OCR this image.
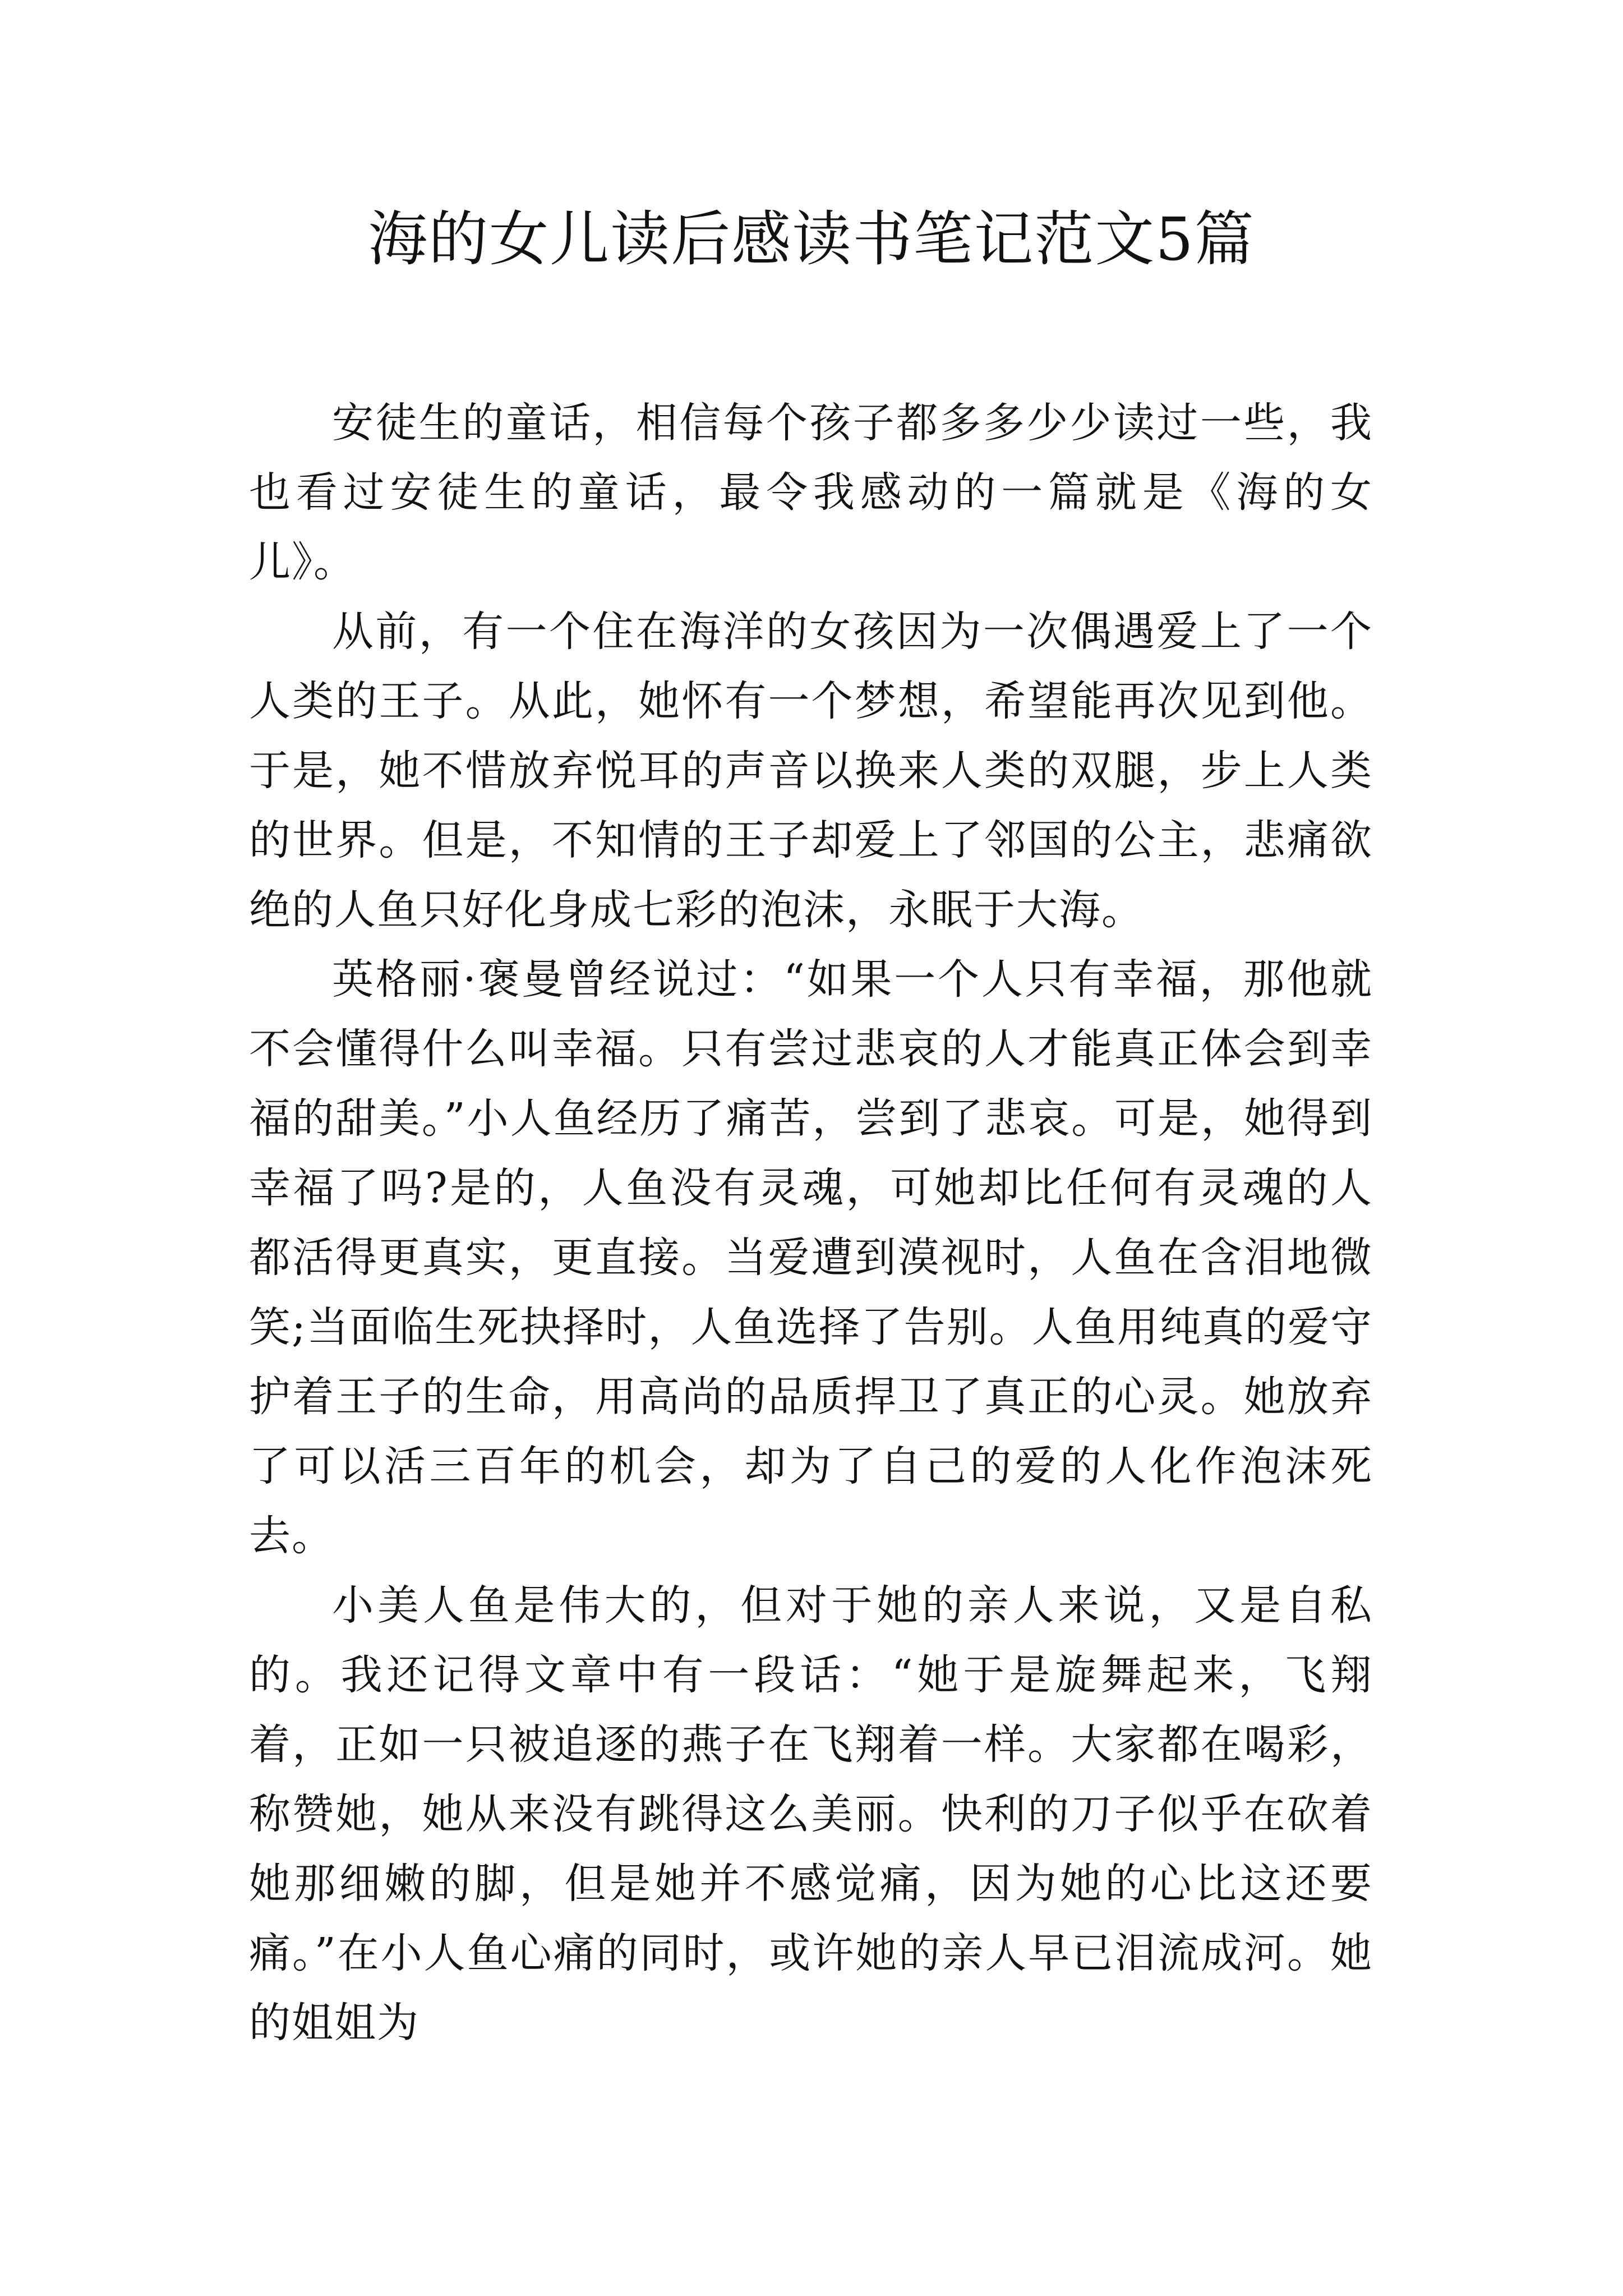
海的女儿读后感读书笔记范文5篇

安徒生的童话，相信每个孩子都多多少少读过一些，我也看过安徒生的童话，最令我感动的一篇就是《海的女儿》。

从前，有一个住在海洋的女孩因为一次偶遇爱上了一个人类的王子。从此，她怀有一个梦想，希望能再次见到他。于是，她不惜放弃悦耳的声音以换来人类的双腿，步上人类的世界。但是，不知情的王子却爱上了邻国的公主，悲痛欲绝的人鱼只好化身成七彩的泡沫，永眠于大海。

英格丽·褒曼曾经说过：“如果一个人只有幸福，那他就不会懂得什么叫幸福。只有尝过悲哀的人才能真正体会到幸福的甜美。”小人鱼经历了痛苦，尝到了悲哀。可是，她得到幸福了吗?是的，人鱼没有灵魂，可她却比任何有灵魂的人都活得更真实，更直接。当爱遭到漠视时，人鱼在含泪地微笑;当面临生死抉择时，人鱼选择了告别。人鱼用纯真的爱守护着王子的生命，用高尚的品质捍卫了真正的心灵。她放弃了可以活三百年的机会，却为了自己的爱的人化作泡沫死去。

小美人鱼是伟大的，但对于她的亲人来说，又是自私的。我还记得文章中有一段话：“她于是旋舞起来，飞翔着，正如一只被追逐的燕子在飞翔着一样。大家都在喝彩，称赞她，她从来没有跳得这么美丽。快利的刀子似乎在砍着她那细嫩的脚，但是她并不感觉痛，因为她的心比这还要痛。”在小人鱼心痛的同时，或许她的亲人早已泪流成河。她的姐姐为
